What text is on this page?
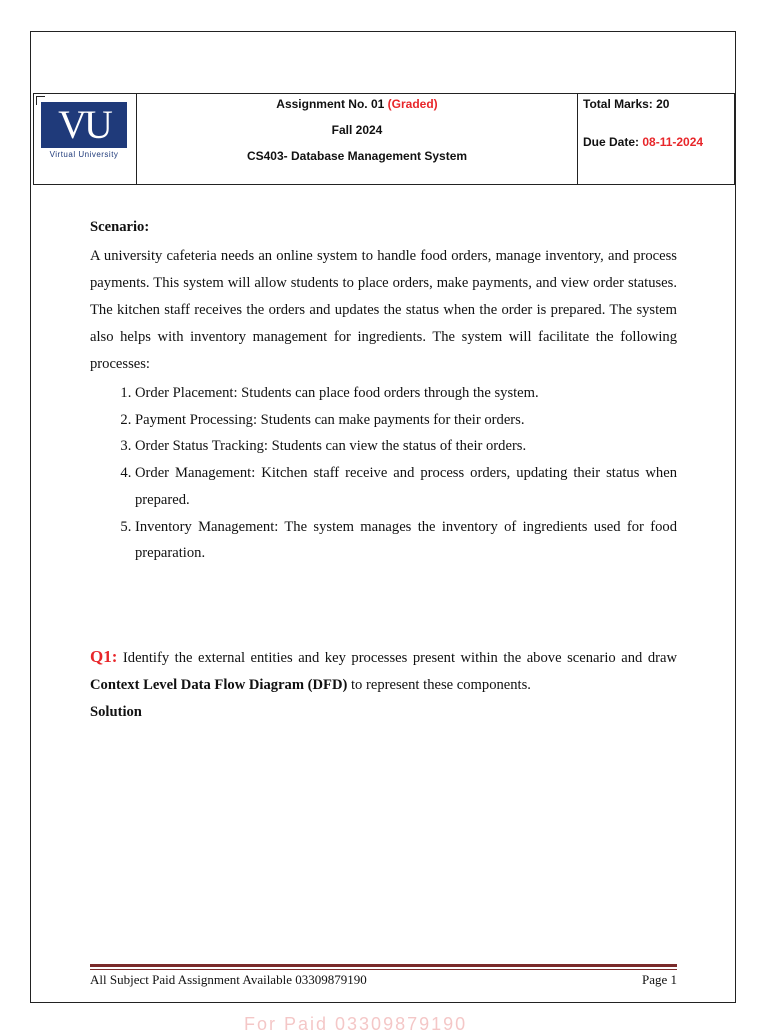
VU
Virtual University
Assignment No. 01 (Graded)
Fall 2024
CS403- Database Management System
Total Marks: 20
Due Date: 08-11-2024

Scenario:

A university cafeteria needs an online system to handle food orders, manage inventory, and process payments. This system will allow students to place orders, make payments, and view order statuses. The kitchen staff receives the orders and updates the status when the order is prepared. The system also helps with inventory management for ingredients. The system will facilitate the following processes:

1. Order Placement: Students can place food orders through the system.
2. Payment Processing: Students can make payments for their orders.
3. Order Status Tracking: Students can view the status of their orders.
4. Order Management: Kitchen staff receive and process orders, updating their status when prepared.
5. Inventory Management: The system manages the inventory of ingredients used for food preparation.
Q1: Identify the external entities and key processes present within the above scenario and draw Context Level Data Flow Diagram (DFD) to represent these components.
Solution
All Subject Paid Assignment Available 03309879190	Page 1
For Paid 03309879190
